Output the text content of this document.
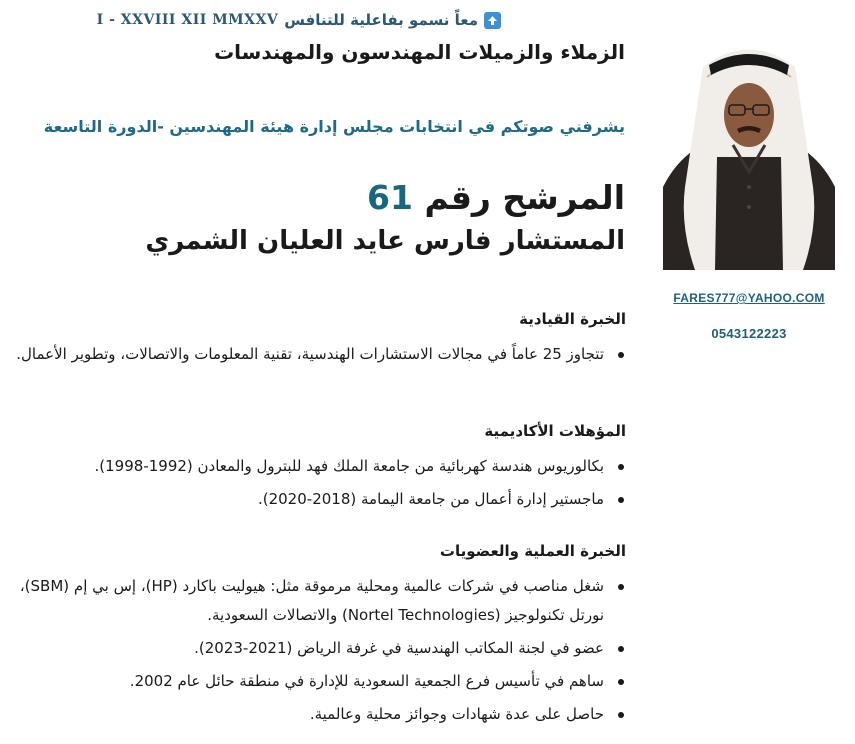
معاً نسمو بفاعلية للتنافس
I - XXVIII XII MMXXV
الزملاء والزميلات المهندسون والمهندسات
يشرفني صوتكم في انتخابات مجلس إدارة هيئة المهندسين -الدورة التاسعة
المرشح رقم 61
المستشار فارس عايد العليان الشمري
FARES777@YAHOO.COM
0543122223
الخبرة القيادية
تتجاوز 25 عاماً في مجالات الاستشارات الهندسية، تقنية المعلومات والاتصالات، وتطوير الأعمال.
المؤهلات الأكاديمية
بكالوريوس هندسة كهربائية من جامعة الملك فهد للبترول والمعادن (1992-1998).
ماجستير إدارة أعمال من جامعة اليمامة (2018-2020).
الخبرة العملية والعضويات
شغل مناصب في شركات عالمية ومحلية مرموقة مثل: هيوليت باكارد (HP)، إس بي إم (SBM)، نورتل تكنولوجيز (Nortel Technologies) والاتصالات السعودية.
عضو في لجنة المكاتب الهندسية في غرفة الرياض (2021-2023).
ساهم في تأسيس فرع الجمعية السعودية للإدارة في منطقة حائل عام 2002.
حاصل على عدة شهادات وجوائز محلية وعالمية.
